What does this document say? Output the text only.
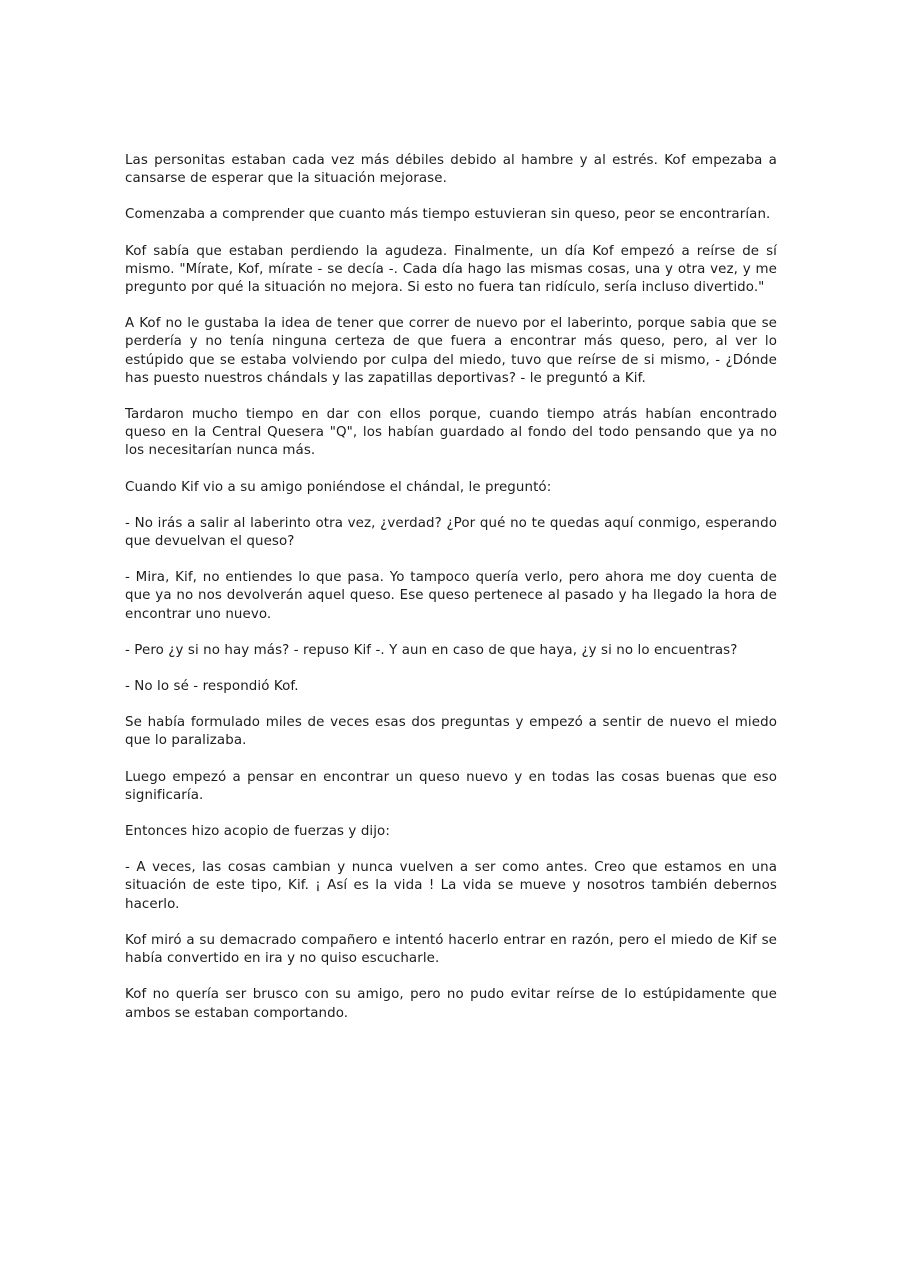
Las personitas estaban cada vez más débiles debido al hambre y al estrés. Kof empezaba a cansarse de esperar que la situación mejorase.

Comenzaba a comprender que cuanto más tiempo estuvieran sin queso, peor se encontrarían.

Kof sabía que estaban perdiendo la agudeza. Finalmente, un día Kof empezó a reírse de sí mismo. "Mírate, Kof, mírate - se decía -. Cada día hago las mismas cosas, una y otra vez, y me pregunto por qué la situación no mejora. Si esto no fuera tan ridículo, sería incluso divertido."

A Kof no le gustaba la idea de tener que correr de nuevo por el laberinto, porque sabia que se perdería y no tenía ninguna certeza de que fuera a encontrar más queso, pero, al ver lo estúpido que se estaba volviendo por culpa del miedo, tuvo que reírse de si mismo, - ¿Dónde has puesto nuestros chándals y las zapatillas deportivas? - le preguntó a Kif.

Tardaron mucho tiempo en dar con ellos porque, cuando tiempo atrás habían encontrado queso en la Central Quesera "Q", los habían guardado al fondo del todo pensando que ya no los necesitarían nunca más.

Cuando Kif vio a su amigo poniéndose el chándal, le preguntó:

- No irás a salir al laberinto otra vez, ¿verdad? ¿Por qué no te quedas aquí conmigo, esperando que devuelvan el queso?

- Mira, Kif, no entiendes lo que pasa. Yo tampoco quería verlo, pero ahora me doy cuenta de que ya no nos devolverán aquel queso. Ese queso pertenece al pasado y ha llegado la hora de encontrar uno nuevo.

- Pero ¿y si no hay más? - repuso Kif -. Y aun en caso de que haya, ¿y si no lo encuentras?

- No lo sé - respondió Kof.

Se había formulado miles de veces esas dos preguntas y empezó a sentir de nuevo el miedo que lo paralizaba.

Luego empezó a pensar en encontrar un queso nuevo y en todas las cosas buenas que eso significaría.

Entonces hizo acopio de fuerzas y dijo:

- A veces, las cosas cambian y nunca vuelven a ser como antes. Creo que estamos en una situación de este tipo, Kif. ¡ Así es la vida ! La vida se mueve y nosotros también debernos hacerlo.

Kof miró a su demacrado compañero e intentó hacerlo entrar en razón, pero el miedo de Kif se había convertido en ira y no quiso escucharle.

Kof no quería ser brusco con su amigo, pero no pudo evitar reírse de lo estúpidamente que ambos se estaban comportando.
